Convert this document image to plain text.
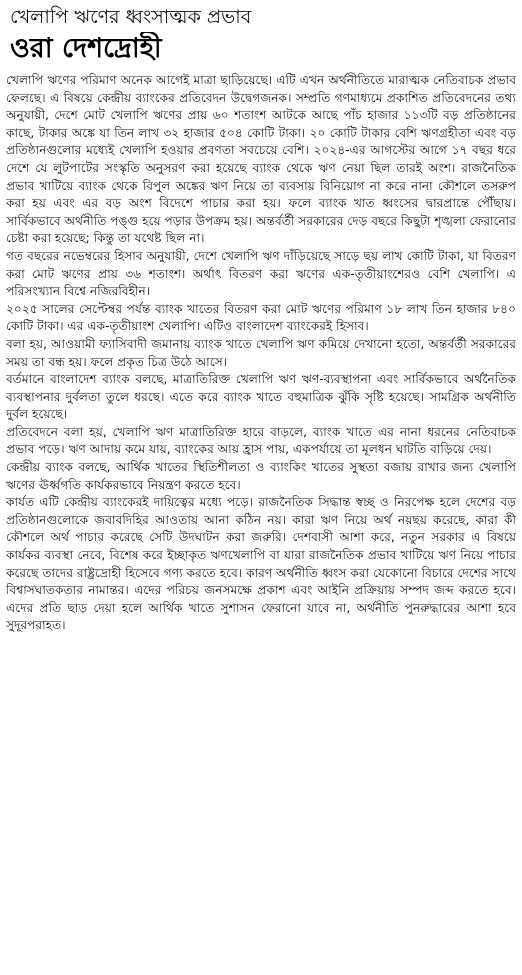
খেলাপি ঋণের ধ্বংসাত্মক প্রভাব
ওরা দেশদ্রোহী

খেলাপি ঋণের পরিমাণ অনেক আগেই মাত্রা ছাড়িয়েছে। এটি এখন অর্থনীতিতে মারাত্মক নেতিবাচক প্রভাব ফেলছে। এ বিষয়ে কেন্দ্রীয় ব্যাংকের প্রতিবেদন উদ্বেগজনক। সম্প্রতি গণমাধ্যমে প্রকাশিত প্রতিবেদনের তথ্য অনুযায়ী, দেশে মোট খেলাপি ঋণের প্রায় ৬০ শতাংশ আটকে আছে পাঁচ হাজার ১১৩টি বড় প্রতিষ্ঠানের কাছে, টাকার অঙ্কে যা তিন লাখ ৩২ হাজার ৫০৪ কোটি টাকা। ২০ কোটি টাকার বেশি ঋণগ্রহীতা এবং বড় প্রতিষ্ঠানগুলোর মধ্যেই খেলাপি হওয়ার প্রবণতা সবচেয়ে বেশি। ২০২৪-এর আগস্টের আগে ১৭ বছর ধরে দেশে যে লুটপাটের সংস্কৃতি অনুসরণ করা হয়েছে ব্যাংক থেকে ঋণ নেয়া ছিল তারই অংশ। রাজনৈতিক প্রভাব খাটিয়ে ব্যাংক থেকে বিপুল অঙ্কের ঋণ নিয়ে তা ব্যবসায় বিনিয়োগ না করে নানা কৌশলে তসরুপ করা হয় এবং এর বড় অংশ বিদেশে পাচার করা হয়। ফলে ব্যাংক খাত ধ্বংসের দ্বারপ্রান্তে পৌঁছায়। সার্বিকভাবে অর্থনীতি পঙ্গু হয়ে পড়ার উপক্রম হয়। অন্তর্বর্তী সরকারের দেড় বছরে কিছুটা শৃঙ্খলা ফেরানোর চেষ্টা করা হয়েছে; কিন্তু তা যথেষ্ট ছিল না।

গত বছরের নভেম্বরের হিসাব অনুযায়ী, দেশে খেলাপি ঋণ দাঁড়িয়েছে সাড়ে ছয় লাখ কোটি টাকা, যা বিতরণ করা মোট ঋণের প্রায় ৩৬ শতাংশ। অর্থাৎ বিতরণ করা ঋণের এক-তৃতীয়াংশেরও বেশি খেলাপি। এ পরিসংখ্যান বিশ্বে নজিরবিহীন।

২০২৫ সালের সেপ্টেম্বর পর্যন্ত ব্যাংক খাতের বিতরণ করা মোট ঋণের পরিমাণ ১৮ লাখ তিন হাজার ৮৪০ কোটি টাকা। এর এক-তৃতীয়াংশ খেলাপি। এটিও বাংলাদেশ ব্যাংকেরই হিসাব।

বলা হয়, আওয়ামী ফ্যাসিবাদী জমানায় ব্যাংক খাতে খেলাপি ঋণ কমিয়ে দেখানো হতো, অন্তর্বর্তী সরকারের সময় তা বন্ধ হয়। ফলে প্রকৃত চিত্র উঠে আসে।

বর্তমানে বাংলাদেশ ব্যাংক বলছে, মাত্রাতিরিক্ত খেলাপি ঋণ ঋণ-ব্যবস্থাপনা এবং সার্বিকভাবে অর্থনৈতিক ব্যবস্থাপনার দুর্বলতা তুলে ধরছে। এতে করে ব্যাংক খাতে বহুমাত্রিক ঝুঁকি সৃষ্টি হয়েছে। সামগ্রিক অর্থনীতি দুর্বল হয়েছে।

প্রতিবেদনে বলা হয়, খেলাপি ঋণ মাত্রাতিরিক্ত হারে বাড়লে, ব্যাংক খাতে এর নানা ধরনের নেতিবাচক প্রভাব পড়ে। ঋণ আদায় কমে যায়, ব্যাংকের আয় হ্রাস পায়, একপর্যায়ে তা মূলধন ঘাটতি বাড়িয়ে দেয়।

কেন্দ্রীয় ব্যাংক বলছে, আর্থিক খাতের স্থিতিশীলতা ও ব্যাংকিং খাতের সুস্থতা বজায় রাখার জন্য খেলাপি ঋণের ঊর্ধ্বগতি কার্যকরভাবে নিয়ন্ত্রণ করতে হবে।

কার্যত এটি কেন্দ্রীয় ব্যাংকেরই দায়িত্বের মধ্যে পড়ে। রাজনৈতিক সিদ্ধান্ত স্বচ্ছ ও নিরপেক্ষ হলে দেশের বড় প্রতিষ্ঠানগুলোকে জবাবদিহির আওতায় আনা কঠিন নয়। কারা ঋণ নিয়ে অর্থ নয়ছয় করেছে, কারা কী কৌশলে অর্থ পাচার করেছে সেটি উদঘাটন করা জরুরি। দেশবাসী আশা করে, নতুন সরকার এ বিষয়ে কার্যকর ব্যবস্থা নেবে, বিশেষ করে ইচ্ছাকৃত ঋণখেলাপি বা যারা রাজনৈতিক প্রভাব খাটিয়ে ঋণ নিয়ে পাচার করেছে তাদের রাষ্ট্রদ্রোহী হিসেবে গণ্য করতে হবে। কারণ অর্থনীতি ধ্বংস করা যেকোনো বিচারে দেশের সাথে বিশ্বাসঘাতকতার নামান্তর। এদের পরিচয় জনসমক্ষে প্রকাশ এবং আইনি প্রক্রিয়ায় সম্পদ জব্দ করতে হবে। এদের প্রতি ছাড় দেয়া হলে আর্থিক খাতে সুশাসন ফেরানো যাবে না, অর্থনীতি পুনরুদ্ধারের আশা হবে সুদূরপরাহত।
